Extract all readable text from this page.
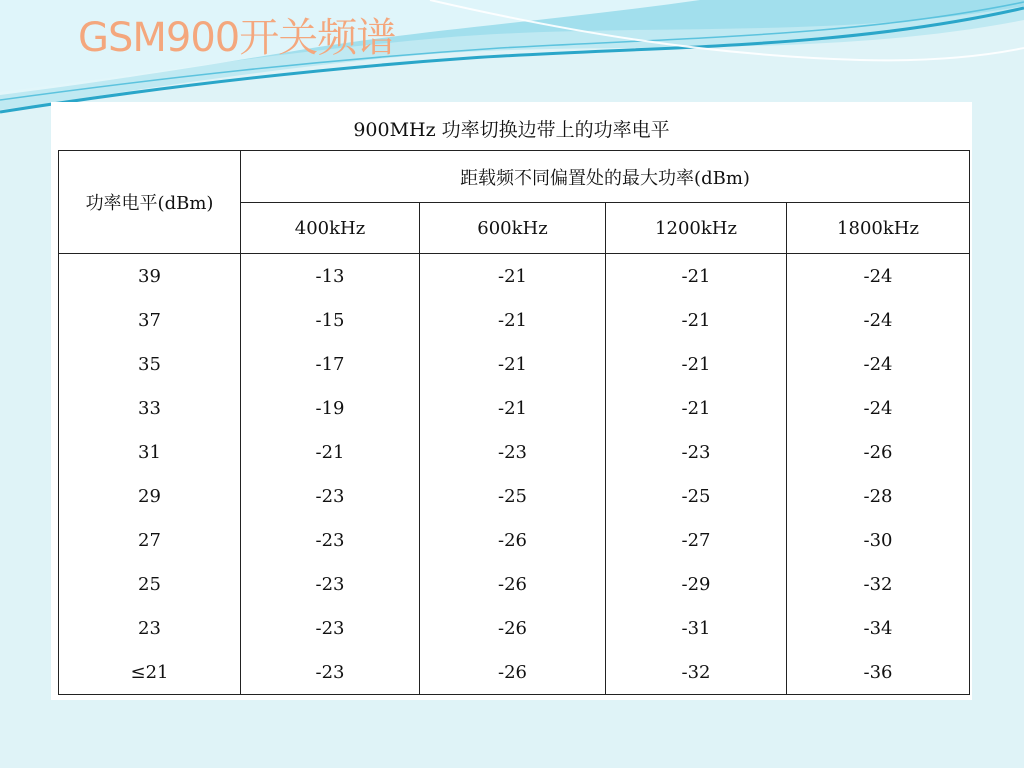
GSM900开关频谱
900MHz 功率切换边带上的功率电平
功率电平(dBm)	距载频不同偏置处的最大功率(dBm)			
	400kHz	600kHz	1200kHz	1800kHz
39	-13	-21	-21	-24
37	-15	-21	-21	-24
35	-17	-21	-21	-24
33	-19	-21	-21	-24
31	-21	-23	-23	-26
29	-23	-25	-25	-28
27	-23	-26	-27	-30
25	-23	-26	-29	-32
23	-23	-26	-31	-34
≤21	-23	-26	-32	-36
